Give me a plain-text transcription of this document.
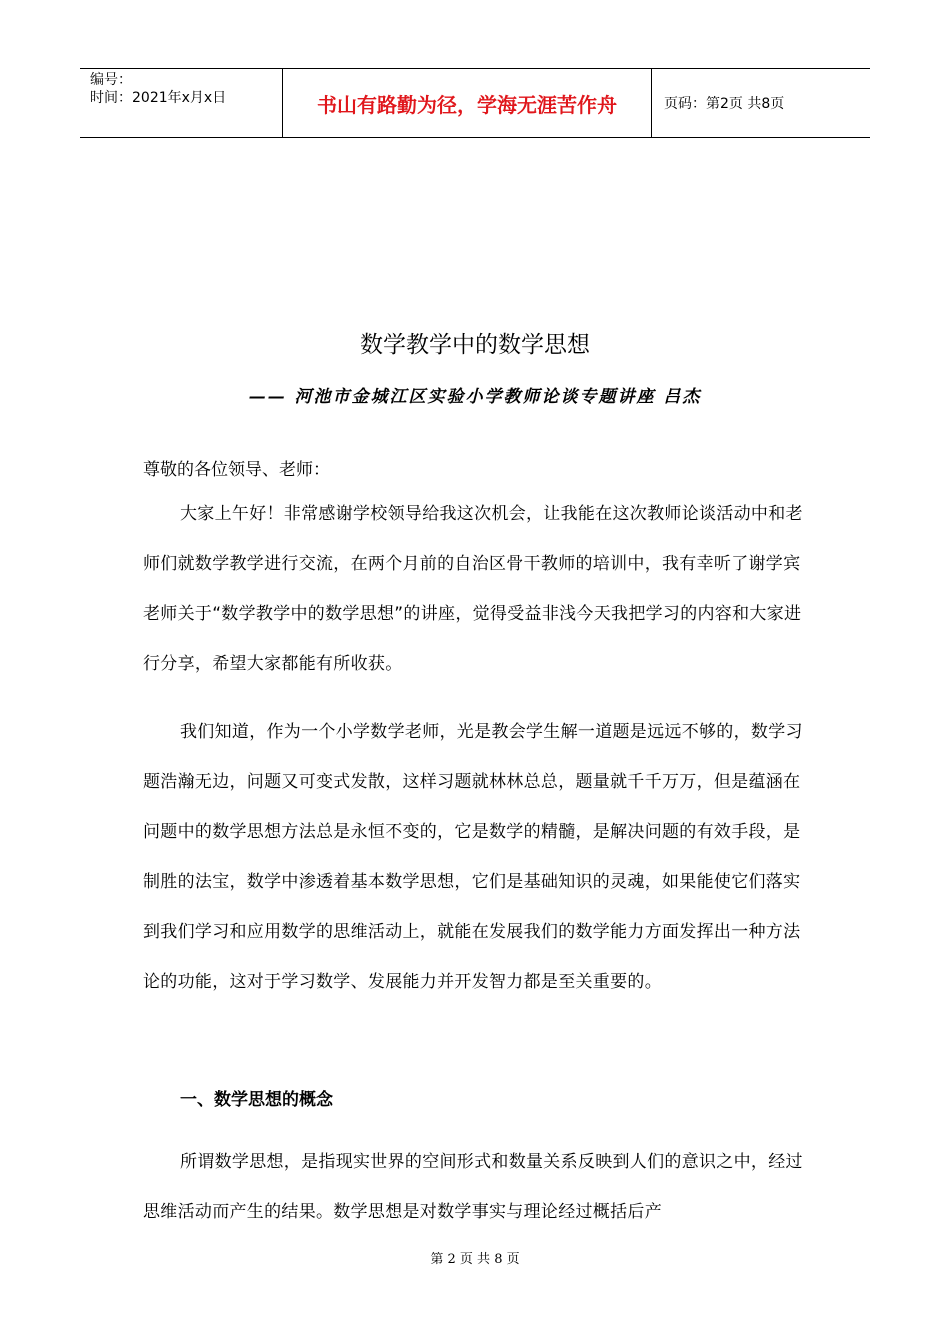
编号：
时间：2021年x月x日	书山有路勤为径，学海无涯苦作舟	页码：第2页 共8页
数学教学中的数学思想
—— 河池市金城江区实验小学教师论谈专题讲座 吕杰
尊敬的各位领导、老师：

大家上午好！非常感谢学校领导给我这次机会，让我能在这次教师论谈活动中和老师们就数学教学进行交流，在两个月前的自治区骨干教师的培训中，我有幸听了谢学宾老师关于“数学教学中的数学思想”的讲座，觉得受益非浅今天我把学习的内容和大家进行分享，希望大家都能有所收获。

我们知道，作为一个小学数学老师，光是教会学生解一道题是远远不够的，数学习题浩瀚无边，问题又可变式发散，这样习题就林林总总，题量就千千万万，但是蕴涵在问题中的数学思想方法总是永恒不变的，它是数学的精髓，是解决问题的有效手段，是制胜的法宝，数学中渗透着基本数学思想，它们是基础知识的灵魂，如果能使它们落实到我们学习和应用数学的思维活动上，就能在发展我们的数学能力方面发挥出一种方法论的功能，这对于学习数学、发展能力并开发智力都是至关重要的。

一、数学思想的概念

所谓数学思想，是指现实世界的空间形式和数量关系反映到人们的意识之中，经过思维活动而产生的结果。数学思想是对数学事实与理论经过概括后产

第 2 页 共 8 页
